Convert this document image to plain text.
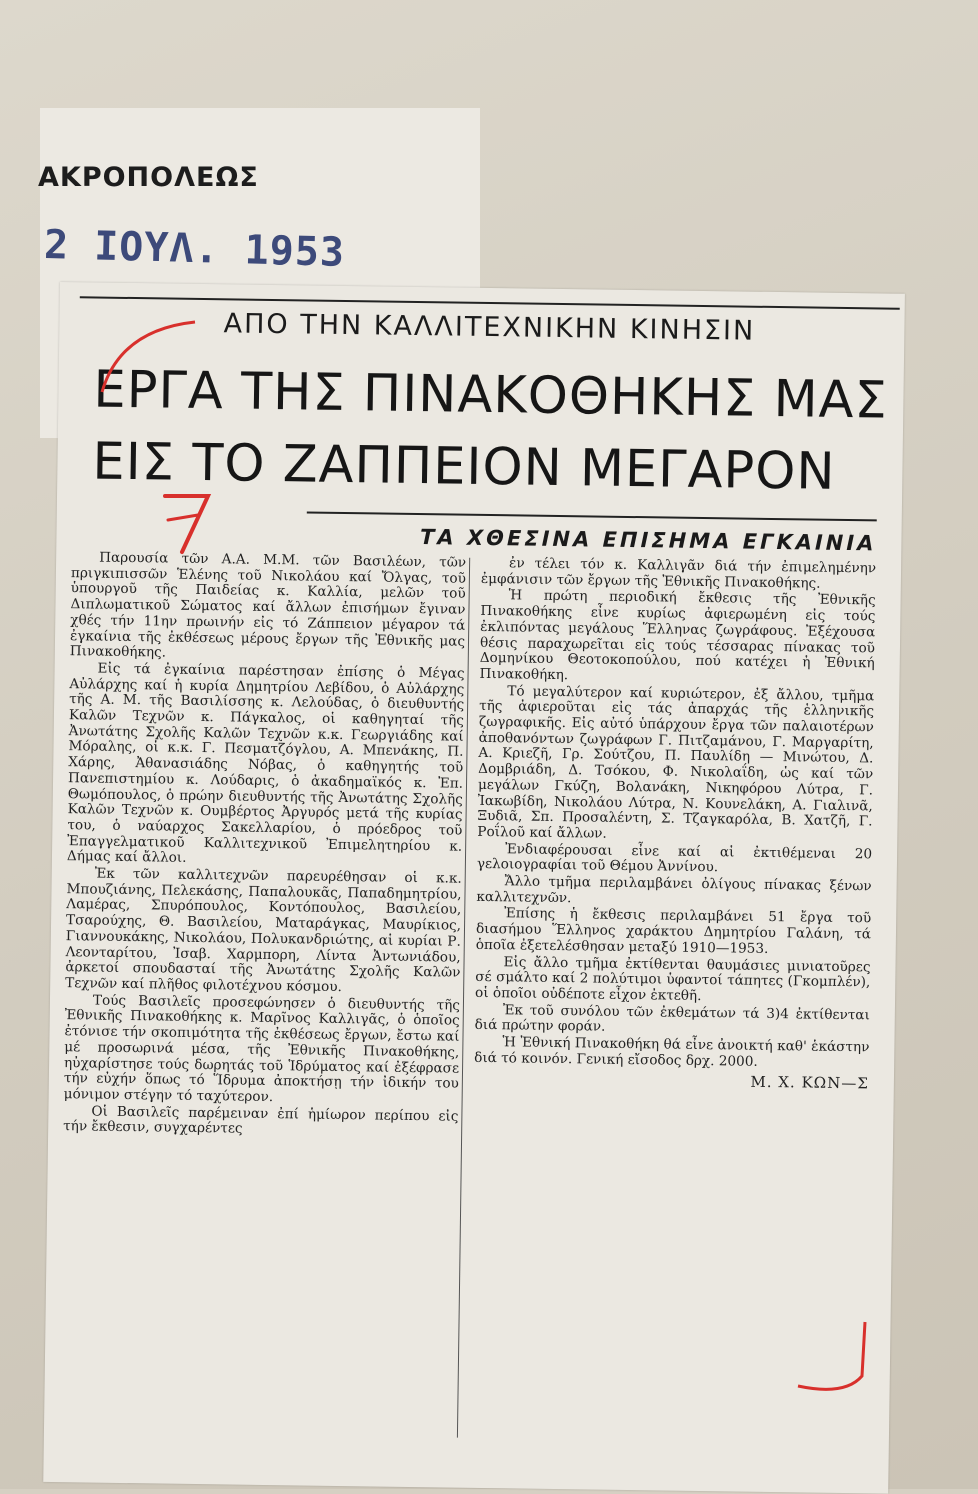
ΑΚΡΟΠΟΛΕΩΣ
2 ΙΟΥΛ. 1953
ΑΠΟ ΤΗΝ ΚΑΛΛΙΤΕΧΝΙΚΗΝ ΚΙΝΗΣΙΝ
ΕΡΓΑ ΤΗΣ ΠΙΝΑΚΟΘΗΚΗΣ ΜΑΣ
ΕΙΣ ΤΟ ΖΑΠΠΕΙΟΝ ΜΕΓΑΡΟΝ
ΤΑ ΧΘΕΣΙΝΑ ΕΠΙΣΗΜΑ ΕΓΚΑΙΝΙΑ

Παρουσία τῶν Α.Α. Μ.Μ. τῶν Βασιλέων, τῶν πριγκιπισσῶν Ἑλένης τοῦ Νικολάου καί Ὄλγας, τοῦ ὑπουργοῦ τῆς Παιδείας κ. Καλλία, μελῶν τοῦ Διπλωματικοῦ Σώματος καί ἄλλων ἐπισήμων ἔγιναν χθές τήν 11ην πρωινήν εἰς τό Ζάππειον μέγαρον τά ἐγκαίνια τῆς ἐκθέσεως μέρους ἔργων τῆς Ἐθνικῆς μας Πινακοθήκης.

Εἰς τά ἐγκαίνια παρέστησαν ἐπίσης ὁ Μέγας Αὐλάρχης καί ἡ κυρία Δημητρίου Λεβίδου, ὁ Αὐλάρχης τῆς Α. Μ. τῆς Βασιλίσσης κ. Λελούδας, ὁ διευθυντής Καλῶν Τεχνῶν κ. Πάγκαλος, οἱ καθηγηταί τῆς Ἀνωτάτης Σχολῆς Καλῶν Τεχνῶν κ.κ. Γεωργιάδης καί Μόραλης, οἱ κ.κ. Γ. Πεσματζόγλου, Α. Μπενάκης, Π. Χάρης, Ἀθανασιάδης Νόβας, ὁ καθηγητής τοῦ Πανεπιστημίου κ. Λούδαρις, ὁ ἀκαδημαϊκός κ. Ἐπ. Θωμόπουλος, ὁ πρώην διευθυντής τῆς Ἀνωτάτης Σχολῆς Καλῶν Τεχνῶν κ. Ουμβέρτος Ἀργυρός μετά τῆς κυρίας του, ὁ ναύαρχος Σακελλαρίου, ὁ πρόεδρος τοῦ Ἐπαγγελματικοῦ Καλλιτεχνικοῦ Ἐπιμελητηρίου κ. Δήμας καί ἄλλοι.

Ἐκ τῶν καλλιτεχνῶν παρευρέθησαν οἱ κ.κ. Μπουζιάνης, Πελεκάσης, Παπαλουκᾶς, Παπαδημητρίου, Λαμέρας, Σπυρόπουλος, Κοντόπουλος, Βασιλείου, Τσαρούχης, Θ. Βασιλείου, Ματαράγκας, Μαυρίκιος, Γιαννουκάκης, Νικολάου, Πολυκανδριώτης, αἱ κυρίαι Ρ. Λεονταρίτου, Ἰσαβ. Χαρμπορη, Λίντα Ἀντωνιάδου, ἀρκετοί σπουδασταί τῆς Ἀνωτάτης Σχολῆς Καλῶν Τεχνῶν καί πλῆθος φιλοτέχνου κόσμου.

Τούς Βασιλεῖς προσεφώνησεν ὁ διευθυντής τῆς Ἐθνικῆς Πινακοθήκης κ. Μαρῖνος Καλλιγᾶς, ὁ ὁποῖος ἐτόνισε τήν σκοπιμότητα τῆς ἐκθέσεως ἔργων, ἔστω καί μέ προσωρινά μέσα, τῆς Ἐθνικῆς Πινακοθήκης, ηὐχαρίστησε τούς δωρητάς τοῦ Ἱδρύματος καί ἐξέφρασε τήν εὐχήν ὅπως τό Ἵδρυμα ἀποκτήσῃ τήν ἰδικήν του μόνιμον στέγην τό ταχύτερον.

Οἱ Βασιλεῖς παρέμειναν ἐπί ἡμίωρον περίπου εἰς τήν ἔκθεσιν, συγχαρέντες

ἐν τέλει τόν κ. Καλλιγᾶν διά τήν ἐπιμελημένην ἐμφάνισιν τῶν ἔργων τῆς Ἐθνικῆς Πινακοθήκης.

Ἡ πρώτη περιοδική ἔκθεσις τῆς Ἐθνικῆς Πινακοθήκης εἶνε κυρίως ἀφιερωμένη εἰς τούς ἐκλιπόντας μεγάλους Ἕλληνας ζωγράφους. Ἐξέχουσα θέσις παραχωρεῖται εἰς τούς τέσσαρας πίνακας τοῦ Δομηνίκου Θεοτοκοπούλου, πού κατέχει ἡ Ἐθνική Πινακοθήκη.

Τό μεγαλύτερον καί κυριώτερον, ἐξ ἄλλου, τμῆμα τῆς ἀφιεροῦται εἰς τάς ἀπαρχάς τῆς ἑλληνικῆς ζωγραφικῆς. Εἰς αὐτό ὑπάρχουν ἔργα τῶν παλαιοτέρων ἀποθανόντων ζωγράφων Γ. Πιτζαμάνου, Γ. Μαργαρίτη, Α. Κριεζῆ, Γρ. Σούτζου, Π. Παυλίδη — Μινώτου, Δ. Δομβριάδη, Δ. Τσόκου, Φ. Νικολαΐδη, ὡς καί τῶν μεγάλων Γκύζη, Βολανάκη, Νικηφόρου Λύτρα, Γ. Ἰακωβίδη, Νικολάου Λύτρα, Ν. Κουνελάκη, Α. Γιαλινᾶ, Ξυδιᾶ, Σπ. Προσαλέντη, Σ. Τζαγκαρόλα, Β. Χατζῆ, Γ. Ροΐλοῦ καί ἄλλων.

Ἐνδιαφέρουσαι εἶνε καί αἱ ἐκτιθέμεναι 20 γελοιογραφίαι τοῦ Θέμου Ἀννίνου.

Ἄλλο τμῆμα περιλαμβάνει ὀλίγους πίνακας ξένων καλλιτεχνῶν.

Ἐπίσης ἡ ἔκθεσις περιλαμβάνει 51 ἔργα τοῦ διασήμου Ἕλληνος χαράκτου Δημητρίου Γαλάνη, τά ὁποῖα ἐξετελέσθησαν μεταξύ 1910—1953.

Εἰς ἄλλο τμῆμα ἐκτίθενται θαυμάσιες μινιατοῦρες σέ σμάλτο καί 2 πολύτιμοι ὑφαντοί τάπητες (Γκομπλέν), οἱ ὁποῖοι οὐδέποτε εἶχον ἐκτεθῆ.

Ἐκ τοῦ συνόλου τῶν ἐκθεμάτων τά 3)4 ἐκτίθενται διά πρώτην φοράν.

Ἡ Ἐθνική Πινακοθήκη θά εἶνε ἀνοικτή καθ' ἑκάστην διά τό κοινόν. Γενική εἴσοδος δρχ. 2000.

Μ. Χ. ΚΩΝ—Σ
